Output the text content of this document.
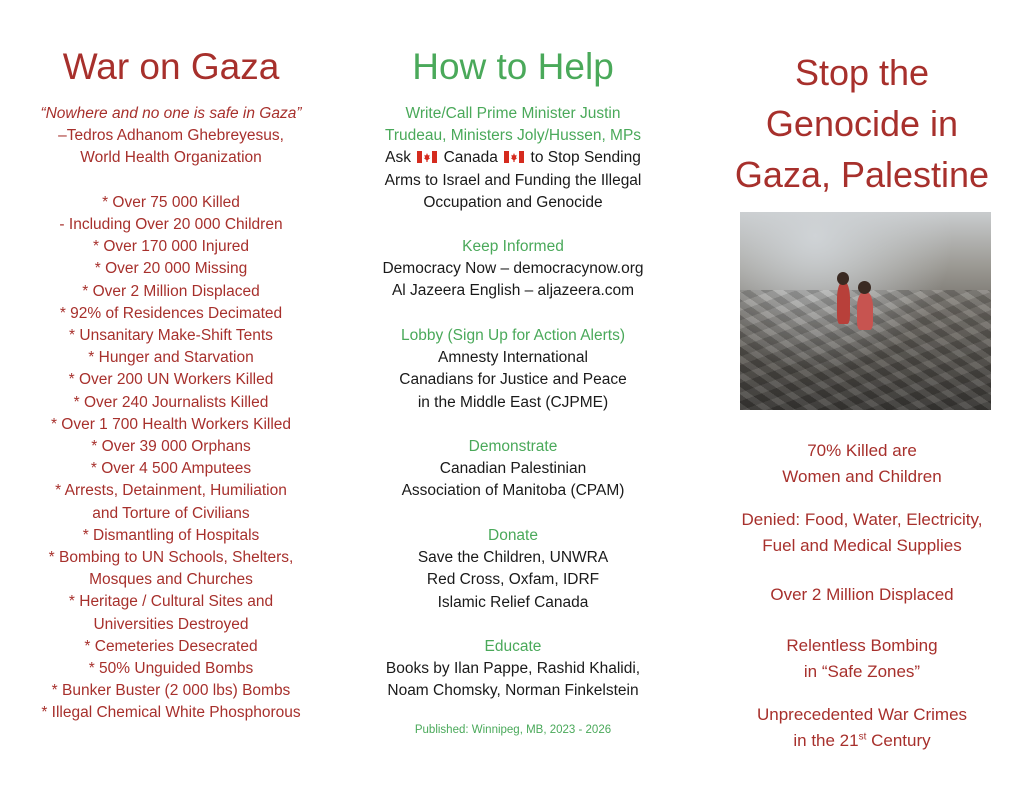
War on Gaza
“Nowhere and no one is safe in Gaza”
–Tedros Adhanom Ghebreyesus,
World Health Organization
* Over 75 000 Killed
- Including Over 20 000 Children
* Over 170 000 Injured
* Over 20 000 Missing
* Over 2 Million Displaced
* 92% of Residences Decimated
* Unsanitary Make-Shift Tents
* Hunger and Starvation
* Over 200 UN Workers Killed
* Over 240 Journalists Killed
* Over 1 700 Health Workers Killed
* Over 39 000 Orphans
* Over 4 500 Amputees
* Arrests, Detainment, Humiliation
and Torture of Civilians
* Dismantling of Hospitals
* Bombing to UN Schools, Shelters,
Mosques and Churches
* Heritage / Cultural Sites and
Universities Destroyed
* Cemeteries Desecrated
* 50% Unguided Bombs
* Bunker Buster (2 000 lbs) Bombs
* Illegal Chemical White Phosphorous
How to Help
Write/Call Prime Minister Justin
Trudeau, Ministers Joly/Hussen, MPs
Ask Canada to Stop Sending
Arms to Israel and Funding the Illegal
Occupation and Genocide
Keep Informed
Democracy Now – democracynow.org
Al Jazeera English – aljazeera.com
Lobby (Sign Up for Action Alerts)
Amnesty International
Canadians for Justice and Peace
in the Middle East (CJPME)
Demonstrate
Canadian Palestinian
Association of Manitoba (CPAM)
Donate
Save the Children, UNWRA
Red Cross, Oxfam, IDRF
Islamic Relief Canada
Educate
Books by Ilan Pappe, Rashid Khalidi,
Noam Chomsky, Norman Finkelstein
Published: Winnipeg, MB, 2023 - 2026
Stop the
Genocide in
Gaza, Palestine
70% Killed are
Women and Children
Denied: Food, Water, Electricity,
Fuel and Medical Supplies
Over 2 Million Displaced
Relentless Bombing
in “Safe Zones”
Unprecedented War Crimes
in the 21st Century
